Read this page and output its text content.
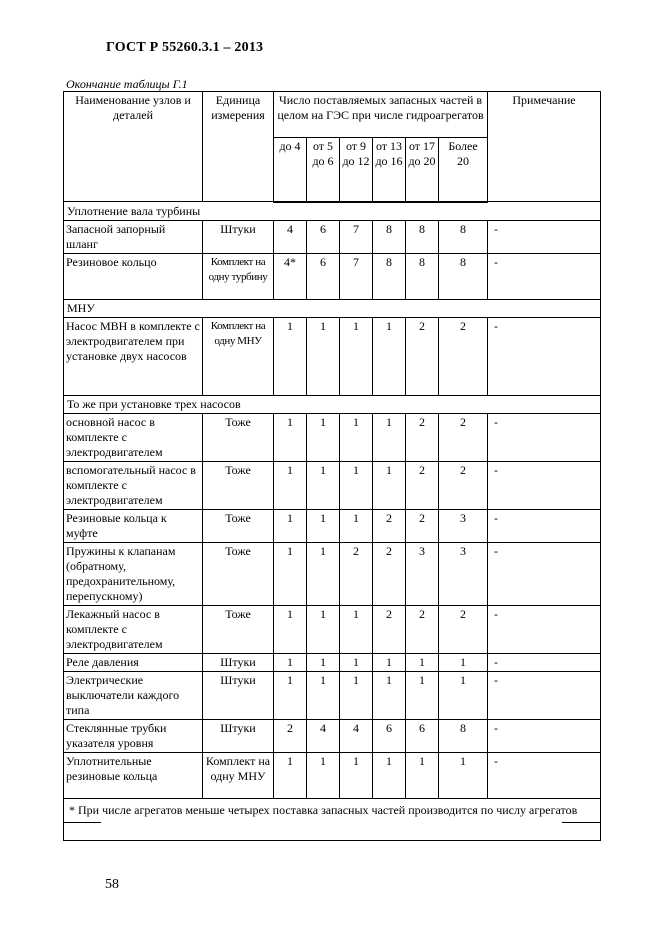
ГОСТ Р 55260.3.1 – 2013
Окончание таблицы Г.1
Наименование узлов и деталей	Единица измерения	Число поставляемых запасных частей в целом на ГЭС при числе гидроагрегатов						Примечание
		до 4	от 5 до 6	от 9 до 12	от 13 до 16	от 17 до 20	Более 20	
Уплотнение вала турбины								
Запасной запорный шланг	Штуки	4	6	7	8	8	8	-
Резиновое кольцо	Комплект на одну турбину	4*	6	7	8	8	8	-
МНУ								
Насос МВН в комплекте с электродвигателем при установке двух насосов	Комплект на одну МНУ	1	1	1	1	2	2	-
То же при установке трех насосов								
основной насос в комплекте с электродвигателем	Тоже	1	1	1	1	2	2	-
вспомогательный насос в комплекте с электродвигателем	Тоже	1	1	1	1	2	2	-
Резиновые кольца к муфте	Тоже	1	1	1	2	2	3	-
Пружины к клапанам (обратному, предохранительному, перепускному)	Тоже	1	1	2	2	3	3	-
Лекажный насос в комплекте с электродвигателем	Тоже	1	1	1	2	2	2	-
Реле давления	Штуки	1	1	1	1	1	1	-
Электрические выключатели каждого типа	Штуки	1	1	1	1	1	1	-
Стеклянные трубки указателя уровня	Штуки	2	4	4	6	6	8	-
Уплотнительные резиновые кольца	Комплект на одну МНУ	1	1	1	1	1	1	-
* При числе агрегатов меньше четырех поставка запасных частей производится по числу агрегатов								
58
